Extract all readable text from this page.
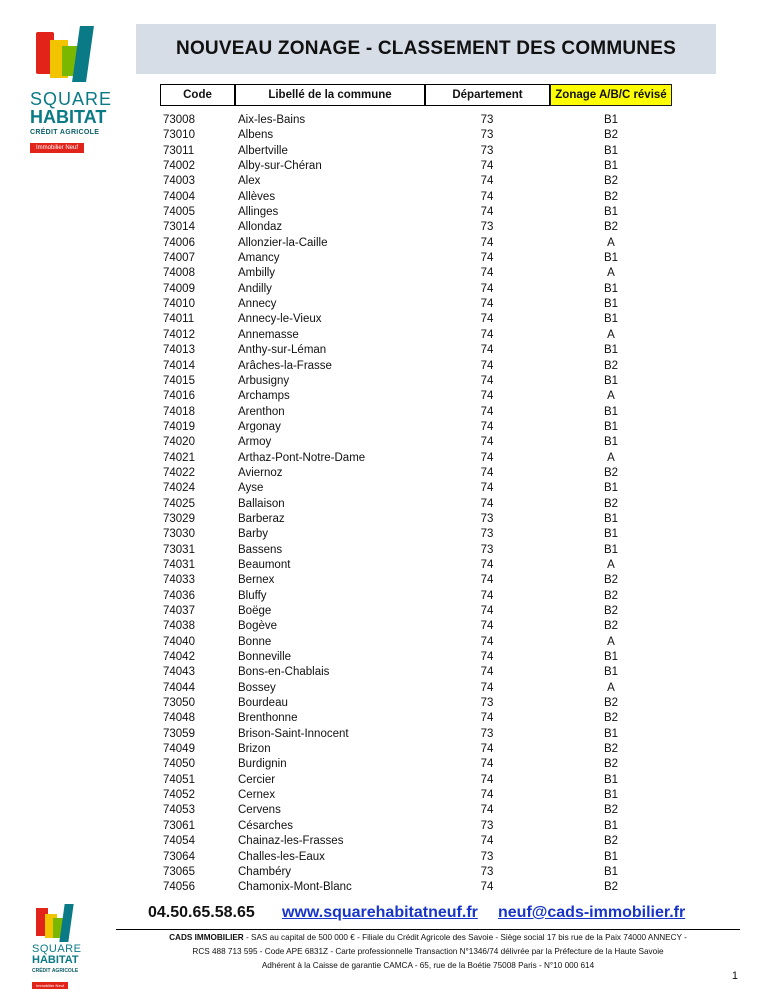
SQUARE
HABITAT
CRÉDIT AGRICOLE
Immobilier Neuf
NOUVEAU ZONAGE - CLASSEMENT DES COMMUNES
Code	Libellé de la commune	Département	Zonage A/B/C révisé
73008	Aix-les-Bains	73	B1
73010	Albens	73	B2
73011	Albertville	73	B1
74002	Alby-sur-Chéran	74	B1
74003	Alex	74	B2
74004	Allèves	74	B2
74005	Allinges	74	B1
73014	Allondaz	73	B2
74006	Allonzier-la-Caille	74	A
74007	Amancy	74	B1
74008	Ambilly	74	A
74009	Andilly	74	B1
74010	Annecy	74	B1
74011	Annecy-le-Vieux	74	B1
74012	Annemasse	74	A
74013	Anthy-sur-Léman	74	B1
74014	Arâches-la-Frasse	74	B2
74015	Arbusigny	74	B1
74016	Archamps	74	A
74018	Arenthon	74	B1
74019	Argonay	74	B1
74020	Armoy	74	B1
74021	Arthaz-Pont-Notre-Dame	74	A
74022	Aviernoz	74	B2
74024	Ayse	74	B1
74025	Ballaison	74	B2
73029	Barberaz	73	B1
73030	Barby	73	B1
73031	Bassens	73	B1
74031	Beaumont	74	A
74033	Bernex	74	B2
74036	Bluffy	74	B2
74037	Boëge	74	B2
74038	Bogève	74	B2
74040	Bonne	74	A
74042	Bonneville	74	B1
74043	Bons-en-Chablais	74	B1
74044	Bossey	74	A
73050	Bourdeau	73	B2
74048	Brenthonne	74	B2
73059	Brison-Saint-Innocent	73	B1
74049	Brizon	74	B2
74050	Burdignin	74	B2
74051	Cercier	74	B1
74052	Cernex	74	B1
74053	Cervens	74	B2
73061	Césarches	73	B1
74054	Chainaz-les-Frasses	74	B2
73064	Challes-les-Eaux	73	B1
73065	Chambéry	73	B1
74056	Chamonix-Mont-Blanc	74	B2
SQUARE
HABITAT
CRÉDIT AGRICOLE
Immobilier Neuf
04.50.65.58.65 www.squarehabitatneuf.fr neuf@cads-immobilier.fr
CADS IMMOBILIER - SAS au capital de 500 000 € - Filiale du Crédit Agricole des Savoie - Siège social 17 bis rue de la Paix 74000 ANNECY -
RCS 488 713 595 - Code APE 6831Z - Carte professionnelle Transaction N°1346/74 délivrée par la Préfecture de la Haute Savoie
Adhérent à la Caisse de garantie CAMCA - 65, rue de la Boétie 75008 Paris - N°10 000 614
1
